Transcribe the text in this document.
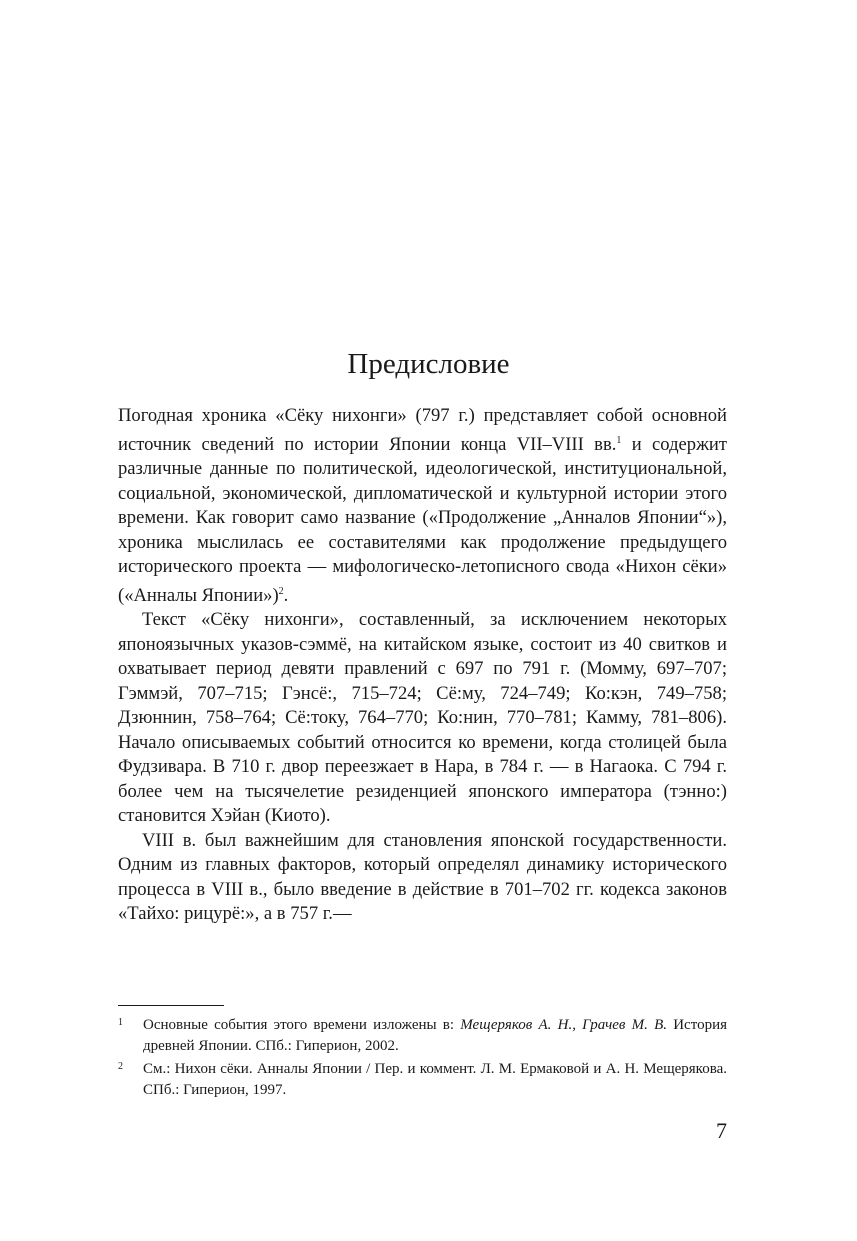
Предисловие

Погодная хроника «Сёку нихонги» (797 г.) представляет собой основной источник сведений по истории Японии конца VII–VIII вв.$^1$ и содержит различные данные по политической, идеологической, институциональной, социальной, экономической, дипломатической и культурной истории этого времени. Как говорит само название («Продолжение „Анналов Японии“»), хроника мыслилась ее составителями как продолжение предыдущего исторического проекта — мифологическо-летописного свода «Нихон сёки» («Анналы Японии»)$^2$.

Текст «Сёку нихонги», составленный, за исключением некоторых японоязычных указов-сэммё, на китайском языке, состоит из 40 свитков и охватывает период девяти правлений с 697 по 791 г. (Момму, 697–707; Гэммэй, 707–715; Гэнсё:, 715–724; Сё:му, 724–749; Ко:кэн, 749–758; Дзюннин, 758–764; Сё:току, 764–770; Ко:нин, 770–781; Камму, 781–806). Начало описываемых событий относится ко времени, когда столицей была Фудзивара. В 710 г. двор переезжает в Нара, в 784 г. — в Нагаока. С 794 г. более чем на тысячелетие резиденцией японского императора (тэнно:) становится Хэйан (Киото).

VIII в. был важнейшим для становления японской государственности. Одним из главных факторов, который определял динамику исторического процесса в VIII в., было введение в действие в 701–702 гг. кодекса законов «Тайхо: рицурё:», а в 757 г.—

1 Основные события этого времени изложены в: Мещеряков А. Н., Грачев М. В. История древней Японии. СПб.: Гиперион, 2002.
2 См.: Нихон сёки. Анналы Японии / Пер. и коммент. Л. М. Ермаковой и А. Н. Мещерякова. СПб.: Гиперион, 1997.
7
